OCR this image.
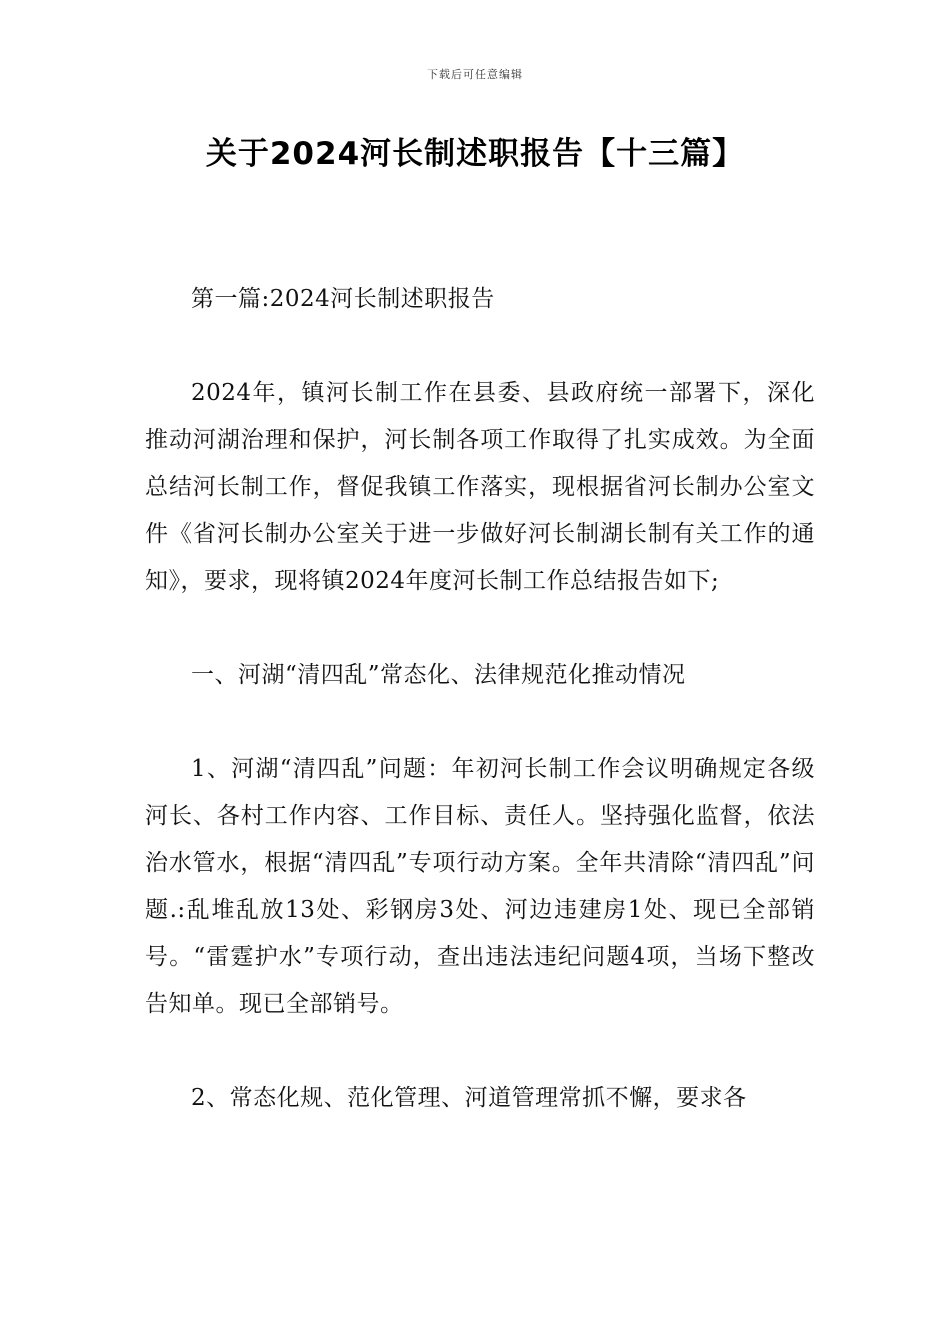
下载后可任意编辑
关于2024河长制述职报告【十三篇】

第一篇:2024河长制述职报告

2024年，镇河长制工作在县委、县政府统一部署下，深化推动河湖治理和保护，河长制各项工作取得了扎实成效。为全面总结河长制工作，督促我镇工作落实，现根据省河长制办公室文件《省河长制办公室关于进一步做好河长制湖长制有关工作的通知》，要求，现将镇2024年度河长制工作总结报告如下;

一、河湖“清四乱”常态化、法律规范化推动情况

1、河湖“清四乱”问题：年初河长制工作会议明确规定各级河长、各村工作内容、工作目标、责任人。坚持强化监督，依法治水管水，根据“清四乱”专项行动方案。全年共清除“清四乱”问题.:乱堆乱放13处、彩钢房3处、河边违建房1处、现已全部销号。“雷霆护水”专项行动，查出违法违纪问题4项，当场下整改告知单。现已全部销号。

2、常态化规、范化管理、河道管理常抓不懈，要求各
